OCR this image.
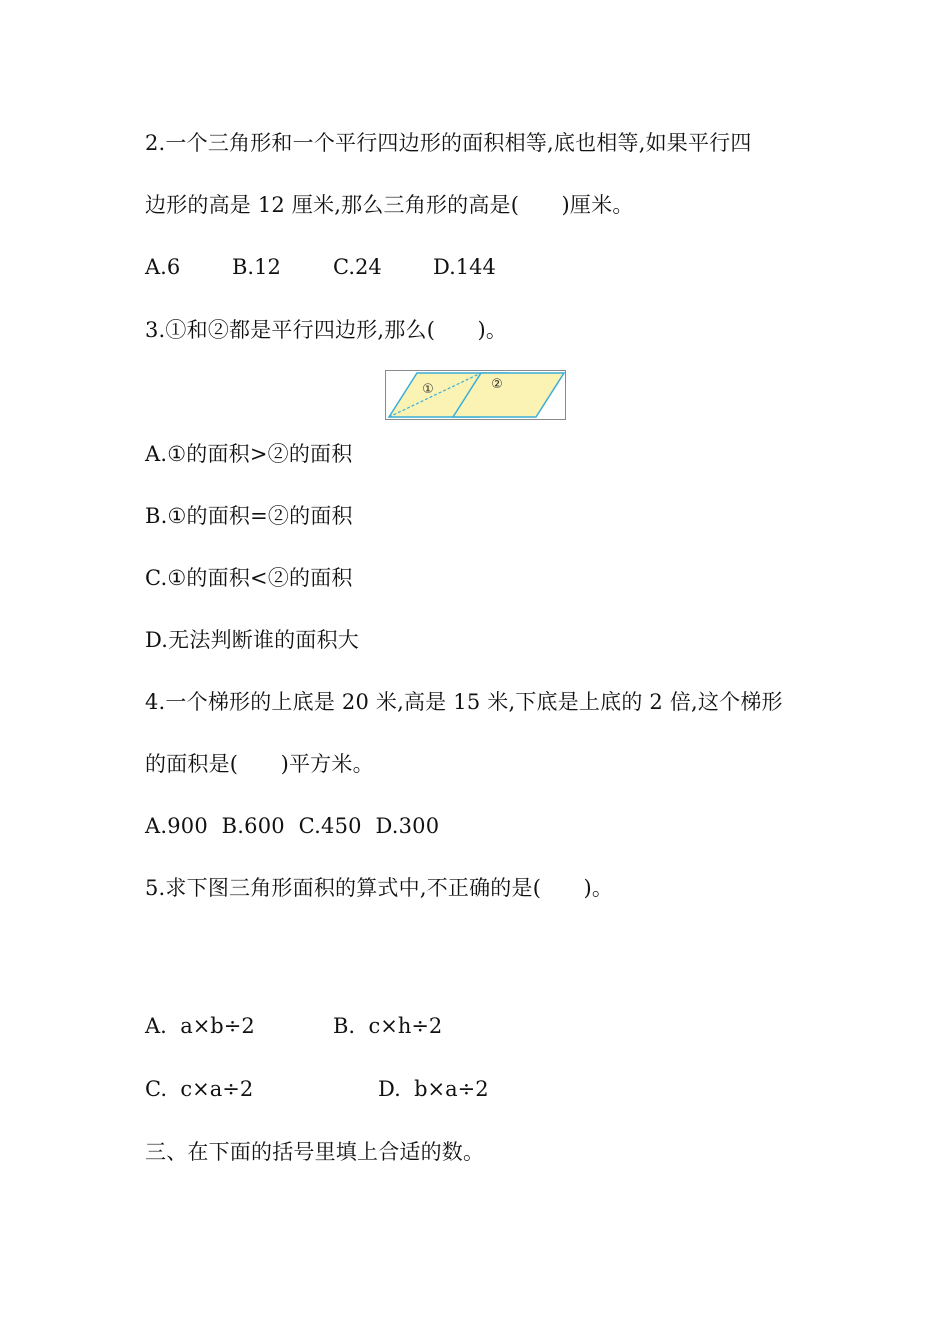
2.一个三角形和一个平行四边形的面积相等,底也相等,如果平行四
边形的高是 12 厘米,那么三角形的高是(　　)厘米。
A.6 B.12 C.24 D.144
3.①和②都是平行四边形,那么(　　)。
①	②
A.①的面积>②的面积
B.①的面积=②的面积
C.①的面积<②的面积
D.无法判断谁的面积大
4.一个梯形的上底是 20 米,高是 15 米,下底是上底的 2 倍,这个梯形
的面积是(　　)平方米。
A.900  B.600  C.450  D.300
5.求下图三角形面积的算式中,不正确的是(　　)。
A.  a×b÷2	B.  c×h÷2
C.  c×a÷2	D.  b×a÷2
三、在下面的括号里填上合适的数。
